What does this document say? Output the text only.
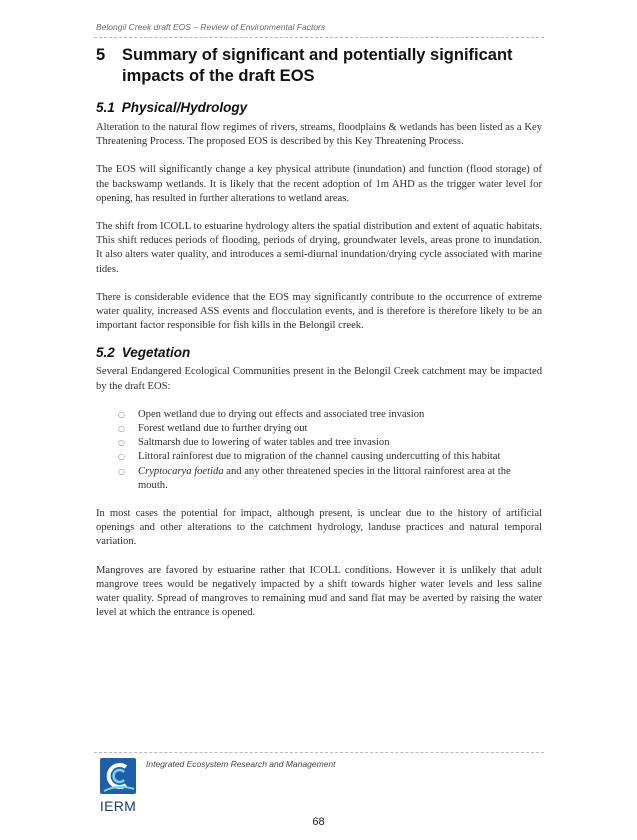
Belongil Creek draft EOS – Review of Environmental Factors
5	Summary of significant and potentially significant
impacts of the draft EOS
5.1 Physical/Hydrology

Alteration to the natural flow regimes of rivers, streams, floodplains & wetlands has been listed as a Key Threatening Process. The proposed EOS is described by this Key Threatening Process.

The EOS will significantly change a key physical attribute (inundation) and function (flood storage) of the backswamp wetlands. It is likely that the recent adoption of 1m AHD as the trigger water level for opening, has resulted in further alterations to wetland areas.

The shift from ICOLL to estuarine hydrology alters the spatial distribution and extent of aquatic habitats. This shift reduces periods of flooding, periods of drying, groundwater levels, areas prone to inundation. It also alters water quality, and introduces a semi-diurnal inundation/drying cycle associated with marine tides.

There is considerable evidence that the EOS may significantly contribute to the occurrence of extreme water quality, increased ASS events and flocculation events, and is therefore is therefore likely to be an important factor responsible for fish kills in the Belongil creek.

5.2 Vegetation

Several Endangered Ecological Communities present in the Belongil Creek catchment may be impacted by the draft EOS:

○	Open wetland due to drying out effects and associated tree invasion
○	Forest wetland due to further drying out
○	Saltmarsh due to lowering of water tables and tree invasion
○	Littoral rainforest due to migration of the channel causing undercutting of this habitat
○	Cryptocarya foetida and any other threatened species in the littoral rainforest area at the mouth.

In most cases the potential for impact, although present, is unclear due to the history of artificial openings and other alterations to the catchment hydrology, landuse practices and natural temporal variation.

Mangroves are favored by estuarine rather that ICOLL conditions. However it is unlikely that adult mangrove trees would be negatively impacted by a shift towards higher water levels and less saline water quality. Spread of mangroves to remaining mud and sand flat may be averted by raising the water level at which the entrance is opened.

IERM
Integrated Ecosystem Research and Management
68
